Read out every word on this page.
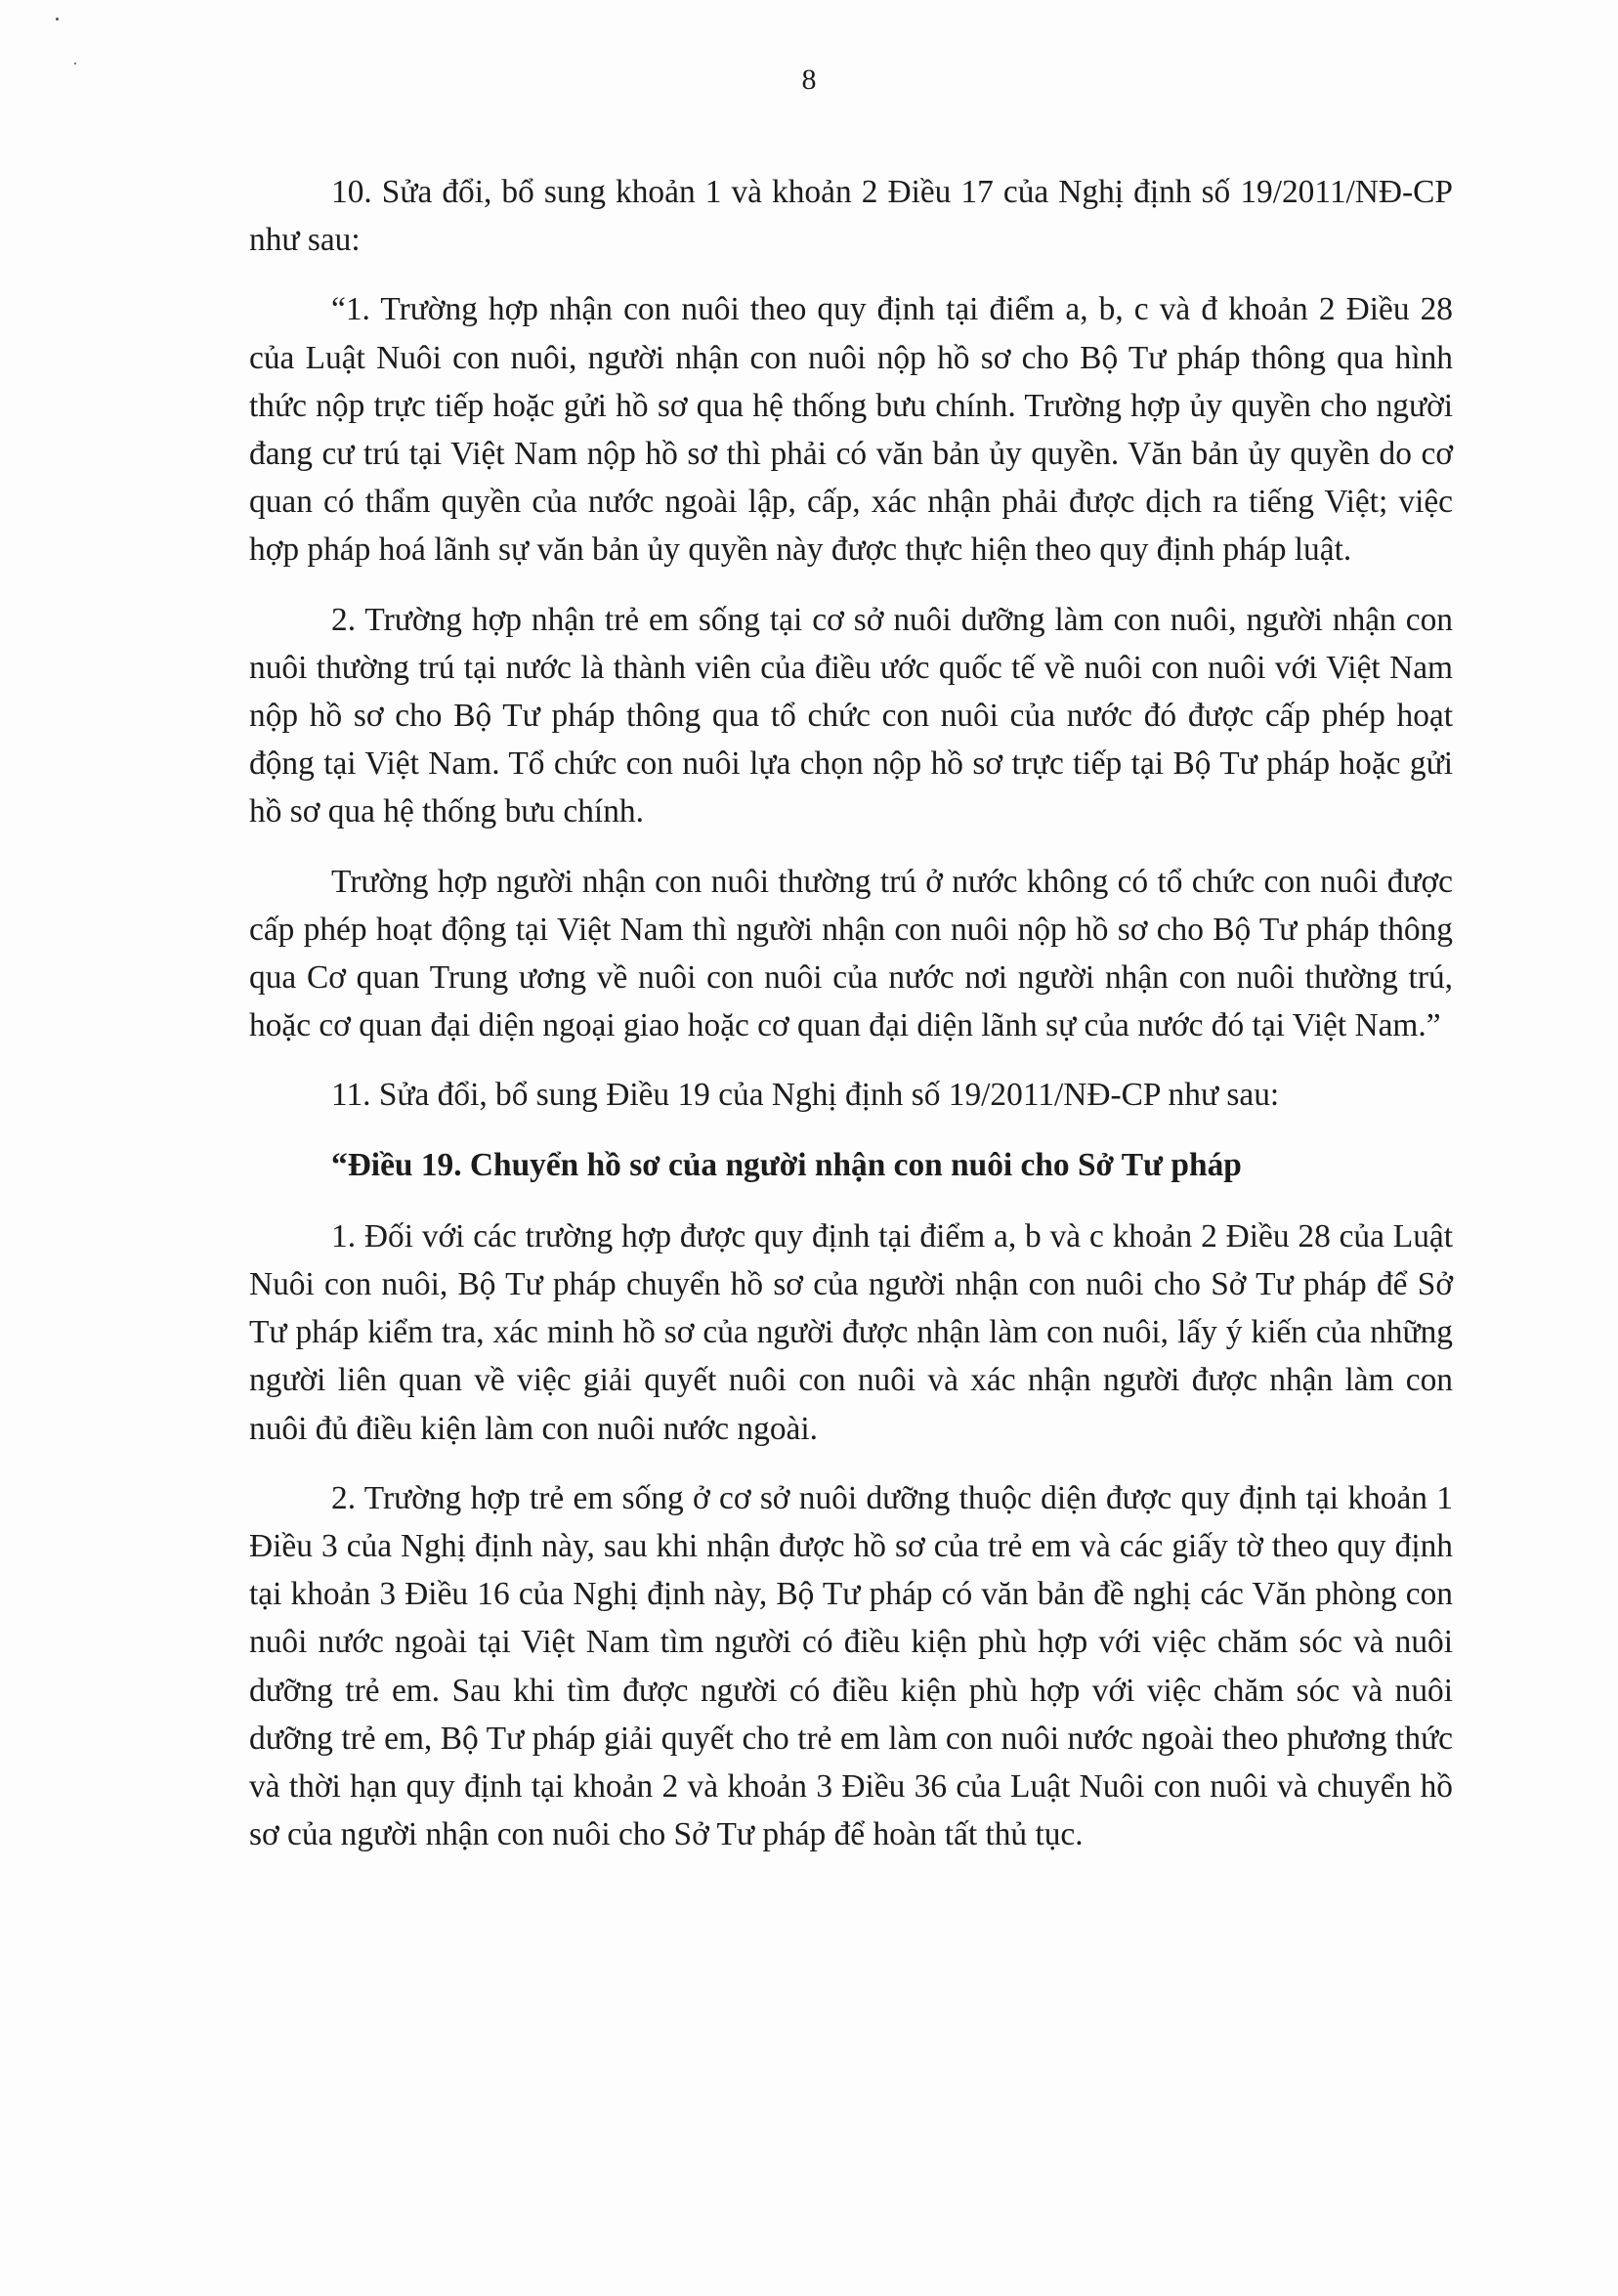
8

10. Sửa đổi, bổ sung khoản 1 và khoản 2 Điều 17 của Nghị định số 19/2011/NĐ-CP như sau:

“1. Trường hợp nhận con nuôi theo quy định tại điểm a, b, c và đ khoản 2 Điều 28 của Luật Nuôi con nuôi, người nhận con nuôi nộp hồ sơ cho Bộ Tư pháp thông qua hình thức nộp trực tiếp hoặc gửi hồ sơ qua hệ thống bưu chính. Trường hợp ủy quyền cho người đang cư trú tại Việt Nam nộp hồ sơ thì phải có văn bản ủy quyền. Văn bản ủy quyền do cơ quan có thẩm quyền của nước ngoài lập, cấp, xác nhận phải được dịch ra tiếng Việt; việc hợp pháp hoá lãnh sự văn bản ủy quyền này được thực hiện theo quy định pháp luật.

2. Trường hợp nhận trẻ em sống tại cơ sở nuôi dưỡng làm con nuôi, người nhận con nuôi thường trú tại nước là thành viên của điều ước quốc tế về nuôi con nuôi với Việt Nam nộp hồ sơ cho Bộ Tư pháp thông qua tổ chức con nuôi của nước đó được cấp phép hoạt động tại Việt Nam. Tổ chức con nuôi lựa chọn nộp hồ sơ trực tiếp tại Bộ Tư pháp hoặc gửi hồ sơ qua hệ thống bưu chính.

Trường hợp người nhận con nuôi thường trú ở nước không có tổ chức con nuôi được cấp phép hoạt động tại Việt Nam thì người nhận con nuôi nộp hồ sơ cho Bộ Tư pháp thông qua Cơ quan Trung ương về nuôi con nuôi của nước nơi người nhận con nuôi thường trú, hoặc cơ quan đại diện ngoại giao hoặc cơ quan đại diện lãnh sự của nước đó tại Việt Nam.”

11. Sửa đổi, bổ sung Điều 19 của Nghị định số 19/2011/NĐ-CP như sau:

“Điều 19. Chuyển hồ sơ của người nhận con nuôi cho Sở Tư pháp

1. Đối với các trường hợp được quy định tại điểm a, b và c khoản 2 Điều 28 của Luật Nuôi con nuôi, Bộ Tư pháp chuyển hồ sơ của người nhận con nuôi cho Sở Tư pháp để Sở Tư pháp kiểm tra, xác minh hồ sơ của người được nhận làm con nuôi, lấy ý kiến của những người liên quan về việc giải quyết nuôi con nuôi và xác nhận người được nhận làm con nuôi đủ điều kiện làm con nuôi nước ngoài.

2. Trường hợp trẻ em sống ở cơ sở nuôi dưỡng thuộc diện được quy định tại khoản 1 Điều 3 của Nghị định này, sau khi nhận được hồ sơ của trẻ em và các giấy tờ theo quy định tại khoản 3 Điều 16 của Nghị định này, Bộ Tư pháp có văn bản đề nghị các Văn phòng con nuôi nước ngoài tại Việt Nam tìm người có điều kiện phù hợp với việc chăm sóc và nuôi dưỡng trẻ em. Sau khi tìm được người có điều kiện phù hợp với việc chăm sóc và nuôi dưỡng trẻ em, Bộ Tư pháp giải quyết cho trẻ em làm con nuôi nước ngoài theo phương thức và thời hạn quy định tại khoản 2 và khoản 3 Điều 36 của Luật Nuôi con nuôi và chuyển hồ sơ của người nhận con nuôi cho Sở Tư pháp để hoàn tất thủ tục.
